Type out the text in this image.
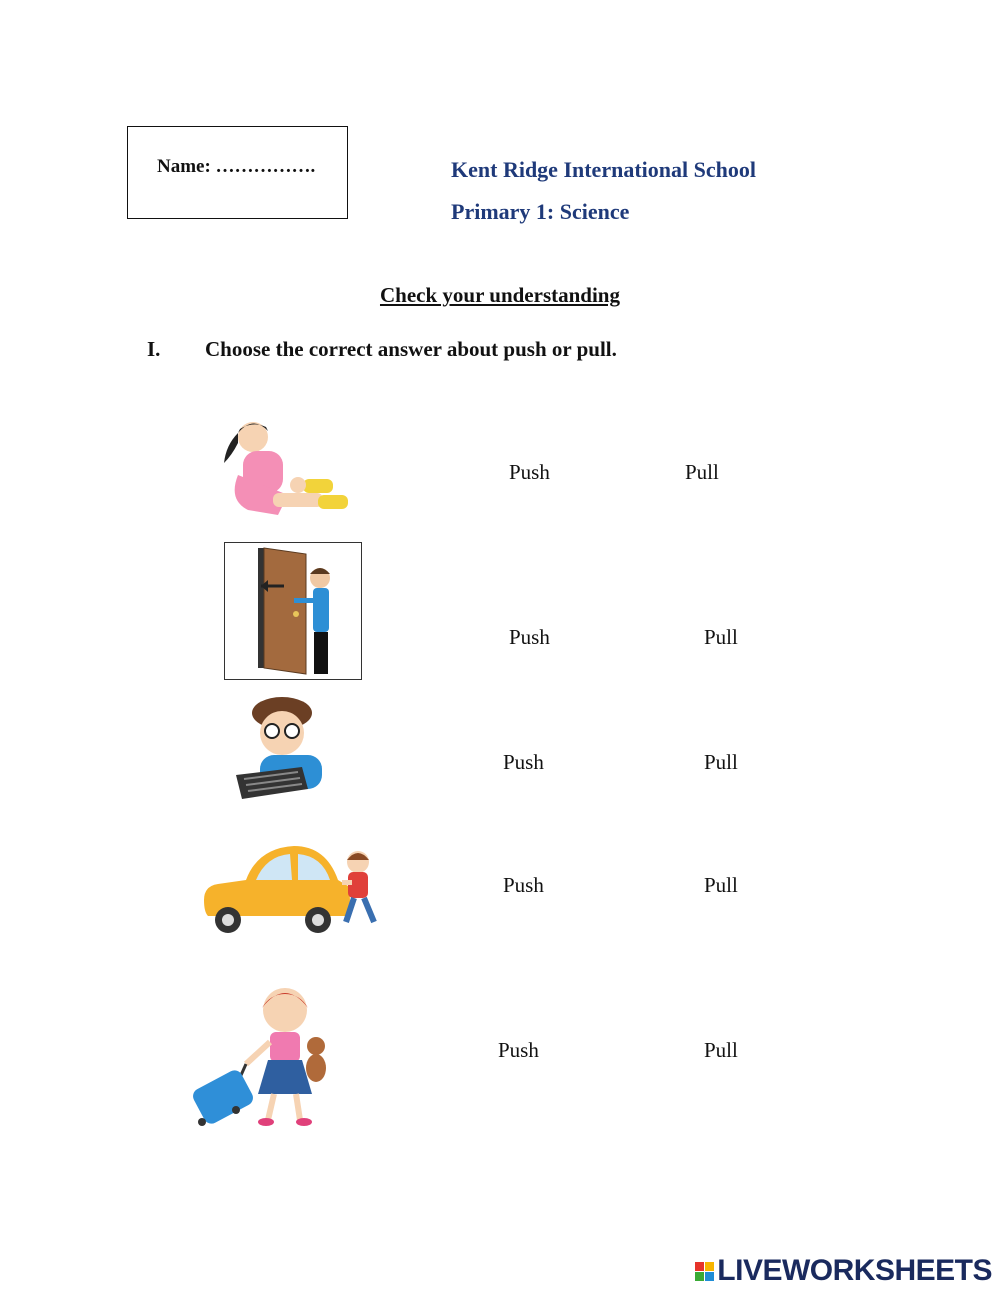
Name: …………….	Kent Ridge International School
Primary 1: Science
Check your understanding
I. Choose the correct answer about push or pull.
Push	Pull
Push	Pull
Push	Pull
Push	Pull
Push	Pull
LIVEWORKSHEETS
